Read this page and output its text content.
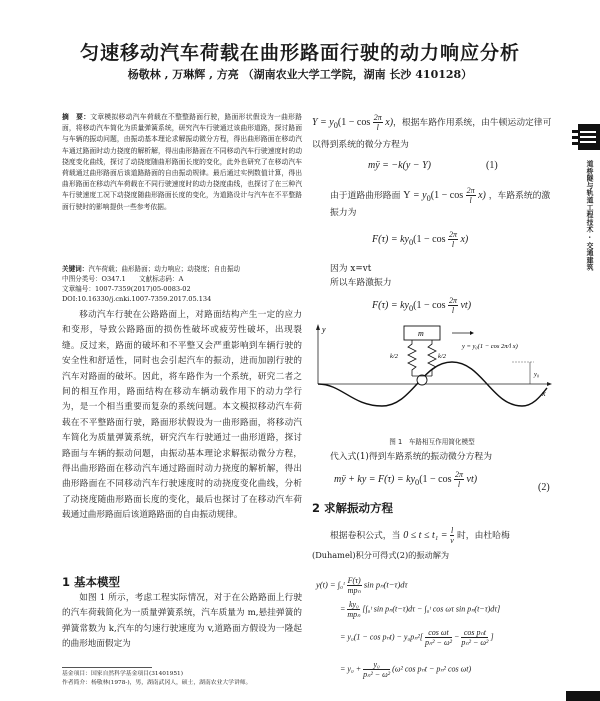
匀速移动汽车荷载在曲形路面行驶的动力响应分析
杨敬林 , 万琳辉 , 方亮 （湖南农业大学工学院，湖南 长沙 410128）
道桥隧与轨道工程技术 · 交通建筑
摘　要：文章模拟移动汽车荷载在不整整路面行驶，路面形状假设为一曲形路面，将移动汽车简化为质量弹簧系统，研究汽车行驶通过该曲形道路，探讨路面与车辆的振动问题，由振动基本理论求解振动微分方程，得出曲形路面在移动汽车通过路面时动力挠度的解析解，得出曲形路面在不同移动汽车行驶速度时的动挠度变化曲线，探讨了动挠度随曲形路面长度的变化，此外也研究了在移动汽车荷载通过曲形路面后该道路路面的自由振动规律。最后通过实例数值计算，得出曲形路面在移动汽车荷载在不同行驶速度时的动力挠度曲线，也探讨了在三种汽车行驶速度工况下动挠度随曲形路面长度的变化，为道路设计与汽车在不平整路面行驶时的影响提供一些参考依据。
关键词：汽车荷载；曲形路面；动力响应；动挠度；自由振动
中图分类号：O347.1　　文献标志码：A
文章编号：1007-7359(2017)05-0083-02
DOI:10.16330/j.cnki.1007-7359.2017.05.134
移动汽车行驶在公路路面上，对路面结构产生一定的应力和变形，导致公路路面的损伤性破坏或疲劳性破坏，出现裂缝。反过来，路面的破坏和不平整又会严重影响到车辆行驶的安全性和舒适性，同时也会引起汽车的振动，进而加剧行驶的汽车对路面的破坏。因此，将车路作为一个系统，研究二者之间的相互作用，路面结构在移动车辆动载作用下的动力学行为，是一个相当重要而复杂的系统问题。本文模拟移动汽车荷载在不平整路面行驶，路面形状假设为一曲形路面，将移动汽车简化为质量弹簧系统，研究汽车行驶通过一曲形道路，探讨路面与车辆的振动问题，由振动基本理论求解振动微分方程，得出曲形路面在移动汽车通过路面时动力挠度的解析解，得出曲形路面在不同移动汽车行驶速度时的动挠度变化曲线，分析了动挠度随曲形路面长度的变化，最后也探讨了在移动汽车荷载通过曲形路面后该道路路面的自由振动规律。
1 基本模型
如图 1 所示，考虑工程实际情况，对于在公路路面上行驶的汽车荷载简化为一质量弹簧系统，汽车质量为 m,悬挂弹簧的弹簧常数为 k,汽车的匀速行驶速度为 v,道路面方假设为一隆起的曲形地面假定为
基金项目：国家自然科学基金项目(31401951)
作者简介：杨敬林(1978-)，男，湖南武冈人，硕士，湖南农业大学讲师。
$Y = y_0(1 - \cos \frac{2\pi}{l} x)$，根据车路作用系统，由牛顿运动定律可以得到系统的微分方程为
mÿ = −k(y − Y)	(1)
由于道路曲形路面 $Y = y_0(1 - \cos \frac{2\pi}{l} x)$ ，车路系统的激振力为
$F(\tau) = ky_0(1 - \cos \frac{2\pi}{l} x)$
因为 x=vt
所以车路激振力
$F(\tau) = ky_0(1 - \cos \frac{2\pi}{l} vt)$
m
k/2	k/2
y
x
y₀
y = y₀(1 − cos 2π/l x)
图 1　车路相互作用简化模型
代入式(1)得到车路系统的振动微分方程为
mÿ + ky = $F(\tau) = ky_0(1 - \cos \frac{2\pi}{l} vt)$
(2)
2 求解振动方程
根据卷积公式，当 $0 \le t \le t_1 = \frac{l}{v}$ 时，由杜哈梅
(Duhamel)积分可得式(2)的振动解为
y(t) = ∫₀ᵗ $\frac{F(\tau)}{\text{mpₙ}}$ sin pₙ(t−τ)dτ
= $\frac{\text{ky₀}}{\text{mpₙ}}$ [∫₀ᵗ sin pₙ(t−τ)dτ − ∫₀ᵗ cos ωτ sin pₙ(t−τ)dτ]
= $y_0(1 - \cos p_nt) - y_0p_n^2[ \frac{\text{cos ωt}}{\text{pₙ² − ω²}} - \frac{\text{cos pₙt}}{\text{pₙ² − ω²}}$ ]
= $y_0 + \frac{\text{y₀}}{\text{pₙ² − ω²}} (\omega^2$ cos pₙt − pₙ² cos ωt)
